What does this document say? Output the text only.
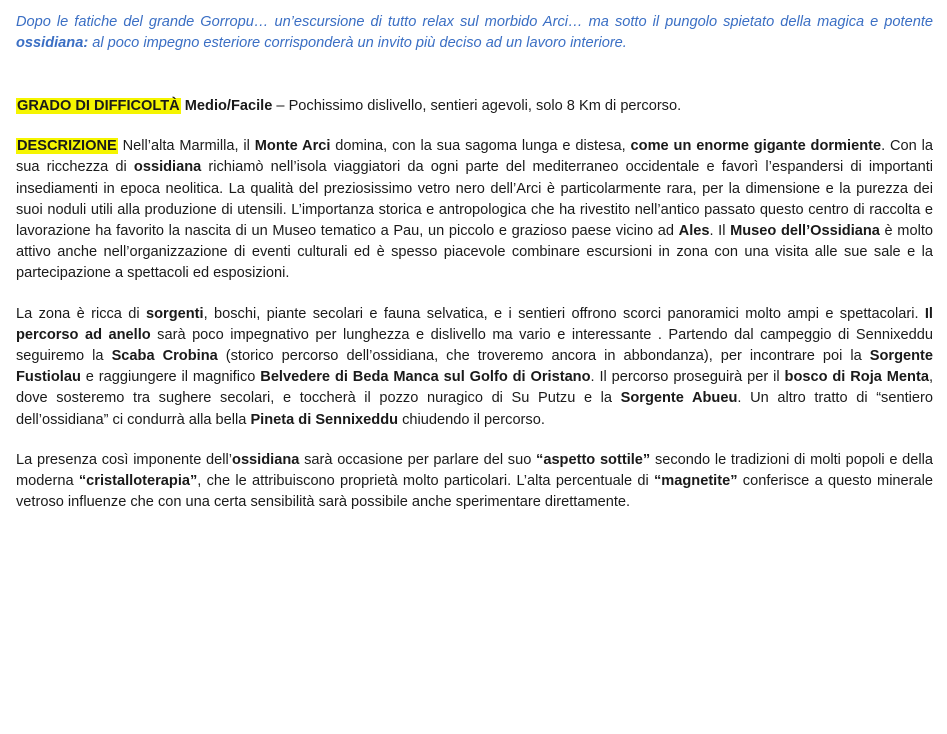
Dopo le fatiche del grande Gorropu… un’escursione di tutto relax sul morbido Arci… ma sotto il pungolo spietato della magica e potente ossidiana: al poco impegno esteriore corrisponderà un invito più deciso ad un lavoro interiore.

GRADO DI DIFFICOLTÀ Medio/Facile – Pochissimo dislivello, sentieri agevoli, solo 8 Km di percorso.

DESCRIZIONE Nell’alta Marmilla, il Monte Arci domina, con la sua sagoma lunga e distesa, come un enorme gigante dormiente. Con la sua ricchezza di ossidiana richiamò nell’isola viaggiatori da ogni parte del mediterraneo occidentale e favorì l’espandersi di importanti insediamenti in epoca neolitica. La qualità del preziosissimo vetro nero dell’Arci è particolarmente rara, per la dimensione e la purezza dei suoi noduli utili alla produzione di utensili. L’importanza storica e antropologica che ha rivestito nell’antico passato questo centro di raccolta e lavorazione ha favorito la nascita di un Museo tematico a Pau, un piccolo e grazioso paese vicino ad Ales. Il Museo dell’Ossidiana è molto attivo anche nell’organizzazione di eventi culturali ed è spesso piacevole combinare escursioni in zona con una visita alle sue sale e la partecipazione a spettacoli ed esposizioni.

La zona è ricca di sorgenti, boschi, piante secolari e fauna selvatica, e i sentieri offrono scorci panoramici molto ampi e spettacolari. Il percorso ad anello sarà poco impegnativo per lunghezza e dislivello ma vario e interessante . Partendo dal campeggio di Sennixeddu seguiremo la Scaba Crobina (storico percorso dell’ossidiana, che troveremo ancora in abbondanza), per incontrare poi la Sorgente Fustiolau e raggiungere il magnifico Belvedere di Beda Manca sul Golfo di Oristano. Il percorso proseguirà per il bosco di Roja Menta, dove sosteremo tra sughere secolari, e toccherà il pozzo nuragico di Su Putzu e la Sorgente Abueu. Un altro tratto di “sentiero dell’ossidiana” ci condurrà alla bella Pineta di Sennixeddu chiudendo il percorso.

La presenza così imponente dell’ossidiana sarà occasione per parlare del suo “aspetto sottile” secondo le tradizioni di molti popoli e della moderna “cristalloterapia”, che le attribuiscono proprietà molto particolari. L’alta percentuale di “magnetite” conferisce a questo minerale vetroso influenze che con una certa sensibilità sarà possibile anche sperimentare direttamente.
